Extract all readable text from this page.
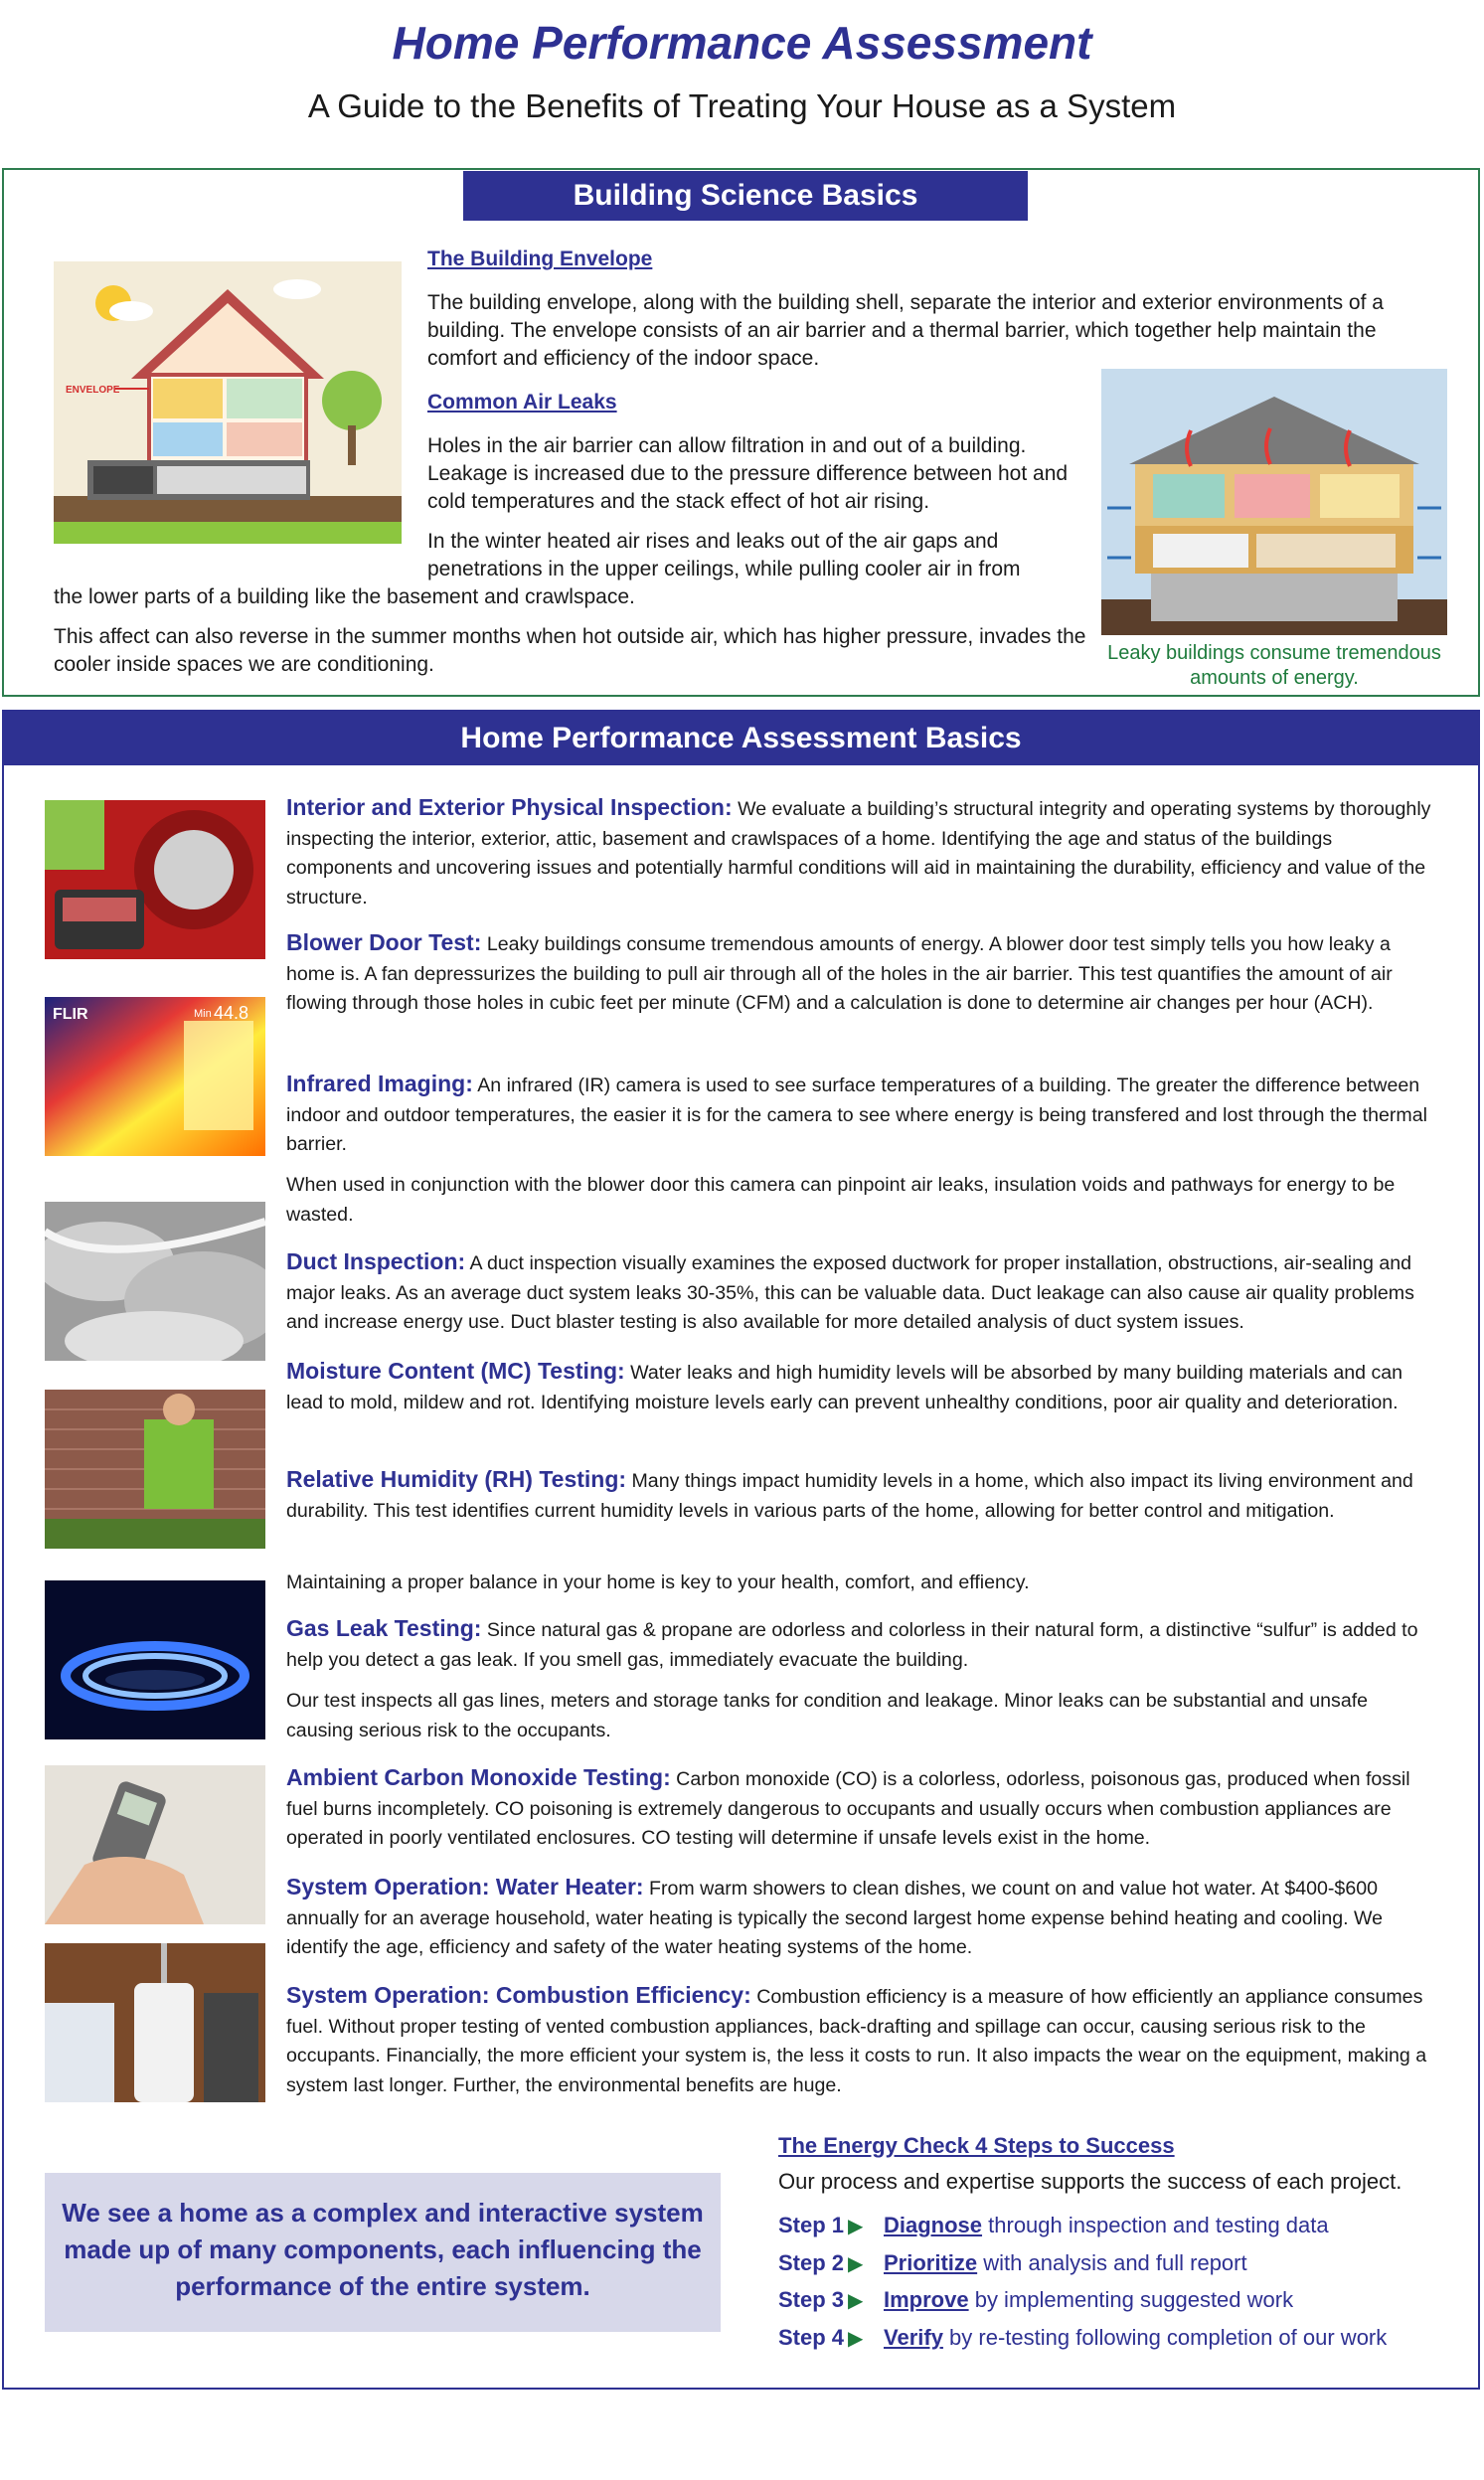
Home Performance Assessment
A Guide to the Benefits of Treating Your House as a System
Building Science Basics
ENVELOPE
The Building Envelope
The building envelope, along with the building shell, separate the interior and exterior environments of a building. The envelope consists of an air barrier and a thermal barrier, which together help maintain the comfort and efficiency of the indoor space.
Common Air Leaks
Holes in the air barrier can allow filtration in and out of a building. Leakage is increased due to the pressure difference between hot and cold temperatures and the stack effect of hot air rising.
In the winter heated air rises and leaks out of the air gaps and penetrations in the upper ceilings, while pulling cooler air in from
the lower parts of a building like the basement and crawlspace.
This affect can also reverse in the summer months when hot outside air, which has higher pressure, invades the cooler inside spaces we are conditioning.	Leaky buildings consume tremendous amounts of energy.
Home Performance Assessment Basics
FLIR	Min 44.8
Interior and Exterior Physical Inspection: We evaluate a building’s structural integrity and operating systems by thoroughly inspecting the interior, exterior, attic, basement and crawlspaces of a home. Identifying the age and status of the buildings components and uncovering issues and potentially harmful conditions will aid in maintaining the durability, efficiency and value of the structure.
Blower Door Test: Leaky buildings consume tremendous amounts of energy. A blower door test simply tells you how leaky a home is. A fan depressurizes the building to pull air through all of the holes in the air barrier. This test quantifies the amount of air flowing through those holes in cubic feet per minute (CFM) and a calculation is done to determine air changes per hour (ACH).
Infrared Imaging: An infrared (IR) camera is used to see surface temperatures of a building. The greater the difference between indoor and outdoor temperatures, the easier it is for the camera to see where energy is being transfered and lost through the thermal barrier.
When used in conjunction with the blower door this camera can pinpoint air leaks, insulation voids and pathways for energy to be wasted.
Duct Inspection: A duct inspection visually examines the exposed ductwork for proper installation, obstructions, air-sealing and major leaks. As an average duct system leaks 30-35%, this can be valuable data. Duct leakage can also cause air quality problems and increase energy use. Duct blaster testing is also available for more detailed analysis of duct system issues.
Moisture Content (MC) Testing: Water leaks and high humidity levels will be absorbed by many building materials and can lead to mold, mildew and rot. Identifying moisture levels early can prevent unhealthy conditions, poor air quality and deterioration.
Relative Humidity (RH) Testing: Many things impact humidity levels in a home, which also impact its living environment and durability. This test identifies current humidity levels in various parts of the home, allowing for better control and mitigation.
Maintaining a proper balance in your home is key to your health, comfort, and effiency.
Gas Leak Testing: Since natural gas & propane are odorless and colorless in their natural form, a distinctive “sulfur” is added to help you detect a gas leak. If you smell gas, immediately evacuate the building.
Our test inspects all gas lines, meters and storage tanks for condition and leakage. Minor leaks can be substantial and unsafe causing serious risk to the occupants.
Ambient Carbon Monoxide Testing: Carbon monoxide (CO) is a colorless, odorless, poisonous gas, produced when fossil fuel burns incompletely. CO poisoning is extremely dangerous to occupants and usually occurs when combustion appliances are operated in poorly ventilated enclosures. CO testing will determine if unsafe levels exist in the home.
System Operation: Water Heater: From warm showers to clean dishes, we count on and value hot water. At $400-$600 annually for an average household, water heating is typically the second largest home expense behind heating and cooling. We identify the age, efficiency and safety of the water heating systems of the home.
System Operation: Combustion Efficiency: Combustion efficiency is a measure of how efficiently an appliance consumes fuel. Without proper testing of vented combustion appliances, back-drafting and spillage can occur, causing serious risk to the occupants. Financially, the more efficient your system is, the less it costs to run. It also impacts the wear on the equipment, making a system last longer. Further, the environmental benefits are huge.
We see a home as a complex and interactive system made up of many components, each influencing the performance of the entire system.
The Energy Check 4 Steps to Success
Our process and expertise supports the success of each project.
Step 1 ▶ Diagnose through inspection and testing data
Step 2 ▶ Prioritize with analysis and full report
Step 3 ▶ Improve by implementing suggested work
Step 4 ▶ Verify by re-testing following completion of our work
